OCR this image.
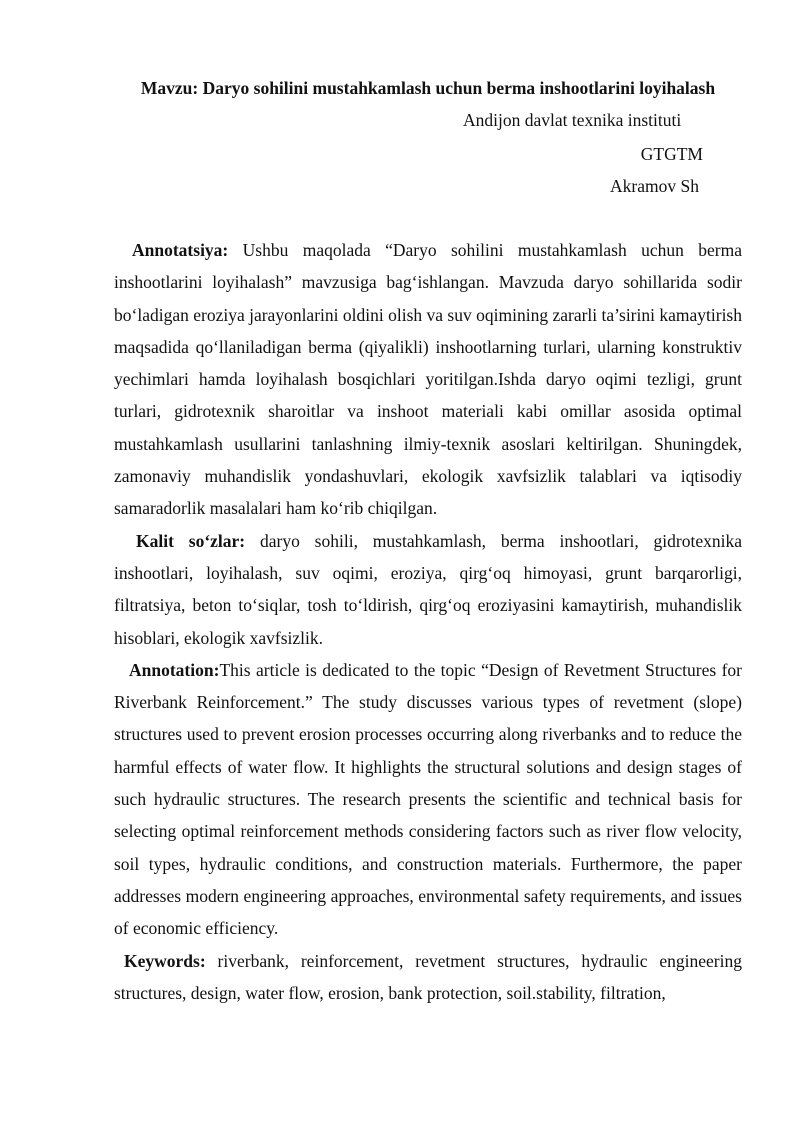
Mavzu: Daryo sohilini mustahkamlash uchun berma inshootlarini loyihalash
Andijon davlat texnika instituti
GTGTM
Akramov Sh

Annotatsiya: Ushbu maqolada “Daryo sohilini mustahkamlash uchun berma inshootlarini loyihalash” mavzusiga bag‘ishlangan. Mavzuda daryo sohillarida sodir bo‘ladigan eroziya jarayonlarini oldini olish va suv oqimining zararli ta’sirini kamaytirish maqsadida qo‘llaniladigan berma (qiyalikli) inshootlarning turlari, ularning konstruktiv yechimlari hamda loyihalash bosqichlari yoritilgan.Ishda daryo oqimi tezligi, grunt turlari, gidrotexnik sharoitlar va inshoot materiali kabi omillar asosida optimal mustahkamlash usullarini tanlashning ilmiy-texnik asoslari keltirilgan. Shuningdek, zamonaviy muhandislik yondashuvlari, ekologik xavfsizlik talablari va iqtisodiy samaradorlik masalalari ham ko‘rib chiqilgan.

Kalit so‘zlar: daryo sohili, mustahkamlash, berma inshootlari, gidrotexnika inshootlari, loyihalash, suv oqimi, eroziya, qirg‘oq himoyasi, grunt barqarorligi, filtratsiya, beton to‘siqlar, tosh to‘ldirish, qirg‘oq eroziyasini kamaytirish, muhandislik hisoblari, ekologik xavfsizlik.

Annotation:This article is dedicated to the topic “Design of Revetment Structures for Riverbank Reinforcement.” The study discusses various types of revetment (slope) structures used to prevent erosion processes occurring along riverbanks and to reduce the harmful effects of water flow. It highlights the structural solutions and design stages of such hydraulic structures. The research presents the scientific and technical basis for selecting optimal reinforcement methods considering factors such as river flow velocity, soil types, hydraulic conditions, and construction materials. Furthermore, the paper addresses modern engineering approaches, environmental safety requirements, and issues of economic efficiency.

Keywords: riverbank, reinforcement, revetment structures, hydraulic engineering structures, design, water flow, erosion, bank protection, soil.stability, filtration,
